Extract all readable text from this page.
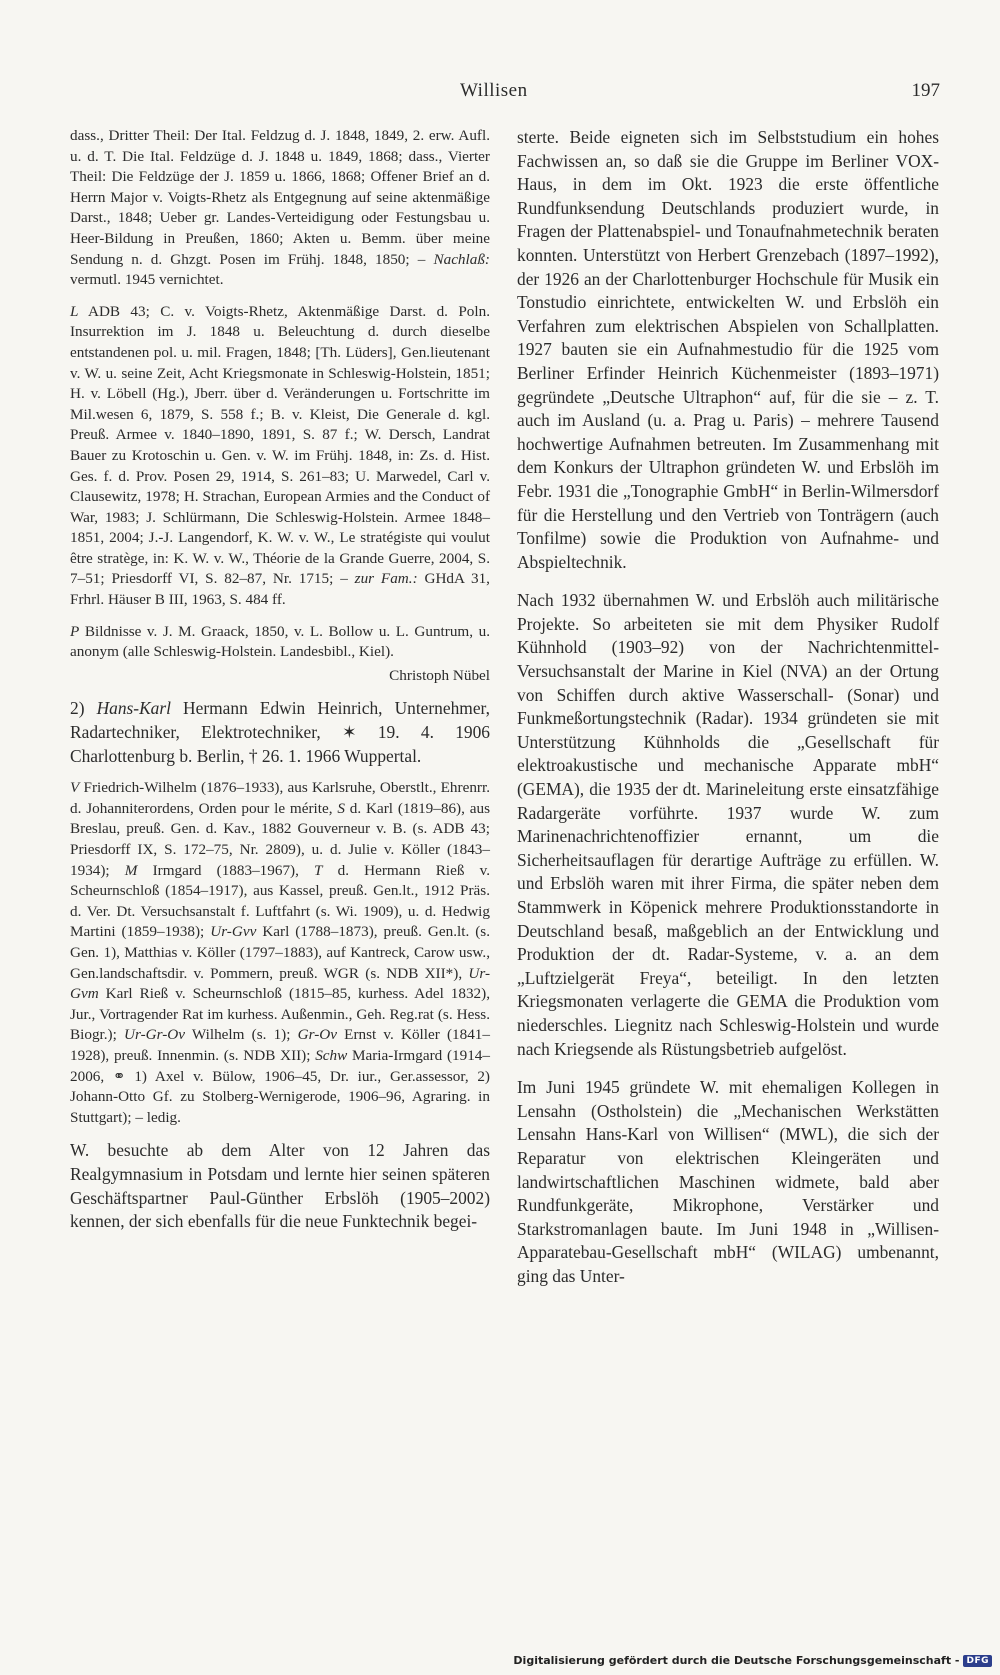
Willisen	197

dass., Dritter Theil: Der Ital. Feldzug d. J. 1848, 1849, 2. erw. Aufl. u. d. T. Die Ital. Feldzüge d. J. 1848 u. 1849, 1868; dass., Vierter Theil: Die Feldzüge der J. 1859 u. 1866, 1868; Offener Brief an d. Herrn Major v. Voigts-Rhetz als Entgegnung auf seine aktenmäßige Darst., 1848; Ueber gr. Landes-Verteidigung oder Festungsbau u. Heer-Bildung in Preußen, 1860; Akten u. Bemm. über meine Sendung n. d. Ghzgt. Posen im Frühj. 1848, 1850; – Nachlaß: vermutl. 1945 vernichtet.

L ADB 43; C. v. Voigts-Rhetz, Aktenmäßige Darst. d. Poln. Insurrektion im J. 1848 u. Beleuchtung d. durch dieselbe entstandenen pol. u. mil. Fragen, 1848; [Th. Lüders], Gen.lieutenant v. W. u. seine Zeit, Acht Kriegsmonate in Schleswig-Holstein, 1851; H. v. Löbell (Hg.), Jberr. über d. Veränderungen u. Fortschritte im Mil.wesen 6, 1879, S. 558 f.; B. v. Kleist, Die Generale d. kgl. Preuß. Armee v. 1840–1890, 1891, S. 87 f.; W. Dersch, Landrat Bauer zu Krotoschin u. Gen. v. W. im Frühj. 1848, in: Zs. d. Hist. Ges. f. d. Prov. Posen 29, 1914, S. 261–83; U. Marwedel, Carl v. Clausewitz, 1978; H. Strachan, European Armies and the Conduct of War, 1983; J. Schlürmann, Die Schleswig-Holstein. Armee 1848–1851, 2004; J.-J. Langendorf, K. W. v. W., Le stratégiste qui voulut être stratège, in: K. W. v. W., Théorie de la Grande Guerre, 2004, S. 7–51; Priesdorff VI, S. 82–87, Nr. 1715; – zur Fam.: GHdA 31, Frhrl. Häuser B III, 1963, S. 484 ff.

P Bildnisse v. J. M. Graack, 1850, v. L. Bollow u. L. Guntrum, u. anonym (alle Schleswig-Holstein. Landesbibl., Kiel).

Christoph Nübel

2) Hans-Karl Hermann Edwin Heinrich, Unternehmer, Radartechniker, Elektrotechniker, ✶ 19. 4. 1906 Charlottenburg b. Berlin, † 26. 1. 1966 Wuppertal.

V Friedrich-Wilhelm (1876–1933), aus Karlsruhe, Oberstlt., Ehrenrr. d. Johanniterordens, Orden pour le mérite, S d. Karl (1819–86), aus Breslau, preuß. Gen. d. Kav., 1882 Gouverneur v. B. (s. ADB 43; Priesdorff IX, S. 172–75, Nr. 2809), u. d. Julie v. Köller (1843–1934); M Irmgard (1883–1967), T d. Hermann Rieß v. Scheurnschloß (1854–1917), aus Kassel, preuß. Gen.lt., 1912 Präs. d. Ver. Dt. Versuchsanstalt f. Luftfahrt (s. Wi. 1909), u. d. Hedwig Martini (1859–1938); Ur-Gvv Karl (1788–1873), preuß. Gen.lt. (s. Gen. 1), Matthias v. Köller (1797–1883), auf Kantreck, Carow usw., Gen.landschaftsdir. v. Pommern, preuß. WGR (s. NDB XII*), Ur-Gvm Karl Rieß v. Scheurnschloß (1815–85, kurhess. Adel 1832), Jur., Vortragender Rat im kurhess. Außenmin., Geh. Reg.rat (s. Hess. Biogr.); Ur-Gr-Ov Wilhelm (s. 1); Gr-Ov Ernst v. Köller (1841–1928), preuß. Innenmin. (s. NDB XII); Schw Maria-Irmgard (1914–2006, ⚭ 1) Axel v. Bülow, 1906–45, Dr. iur., Ger.assessor, 2) Johann-Otto Gf. zu Stolberg-Wernigerode, 1906–96, Agraring. in Stuttgart); – ledig.

W. besuchte ab dem Alter von 12 Jahren das Realgymnasium in Potsdam und lernte hier seinen späteren Geschäftspartner Paul-Günther Erbslöh (1905–2002) kennen, der sich ebenfalls für die neue Funktechnik begei-

sterte. Beide eigneten sich im Selbststudium ein hohes Fachwissen an, so daß sie die Gruppe im Berliner VOX-Haus, in dem im Okt. 1923 die erste öffentliche Rundfunksendung Deutschlands produziert wurde, in Fragen der Plattenabspiel- und Tonaufnahmetechnik beraten konnten. Unterstützt von Herbert Grenzebach (1897–1992), der 1926 an der Charlottenburger Hochschule für Musik ein Tonstudio einrichtete, entwickelten W. und Erbslöh ein Verfahren zum elektrischen Abspielen von Schallplatten. 1927 bauten sie ein Aufnahmestudio für die 1925 vom Berliner Erfinder Heinrich Küchenmeister (1893–1971) gegründete „Deutsche Ultraphon“ auf, für die sie – z. T. auch im Ausland (u. a. Prag u. Paris) – mehrere Tausend hochwertige Aufnahmen betreuten. Im Zusammenhang mit dem Konkurs der Ultraphon gründeten W. und Erbslöh im Febr. 1931 die „Tonographie GmbH“ in Berlin-Wilmersdorf für die Herstellung und den Vertrieb von Tonträgern (auch Tonfilme) sowie die Produktion von Aufnahme- und Abspieltechnik.

Nach 1932 übernahmen W. und Erbslöh auch militärische Projekte. So arbeiteten sie mit dem Physiker Rudolf Kühnhold (1903–92) von der Nachrichtenmittel-Versuchsanstalt der Marine in Kiel (NVA) an der Ortung von Schiffen durch aktive Wasserschall- (Sonar) und Funkmeßortungstechnik (Radar). 1934 gründeten sie mit Unterstützung Kühnholds die „Gesellschaft für elektroakustische und mechanische Apparate mbH“ (GEMA), die 1935 der dt. Marineleitung erste einsatzfähige Radargeräte vorführte. 1937 wurde W. zum Marinenachrichtenoffizier ernannt, um die Sicherheitsauflagen für derartige Aufträge zu erfüllen. W. und Erbslöh waren mit ihrer Firma, die später neben dem Stammwerk in Köpenick mehrere Produktionsstandorte in Deutschland besaß, maßgeblich an der Entwicklung und Produktion der dt. Radar-Systeme, v. a. an dem „Luftzielgerät Freya“, beteiligt. In den letzten Kriegsmonaten verlagerte die GEMA die Produktion vom niederschles. Liegnitz nach Schleswig-Holstein und wurde nach Kriegsende als Rüstungsbetrieb aufgelöst.

Im Juni 1945 gründete W. mit ehemaligen Kollegen in Lensahn (Ostholstein) die „Mechanischen Werkstätten Lensahn Hans-Karl von Willisen“ (MWL), die sich der Reparatur von elektrischen Kleingeräten und landwirtschaftlichen Maschinen widmete, bald aber Rundfunkgeräte, Mikrophone, Verstärker und Starkstromanlagen baute. Im Juni 1948 in „Willisen-Apparatebau-Gesellschaft mbH“ (WILAG) umbenannt, ging das Unter-

Digitalisierung gefördert durch die Deutsche Forschungsgemeinschaft - DFG
